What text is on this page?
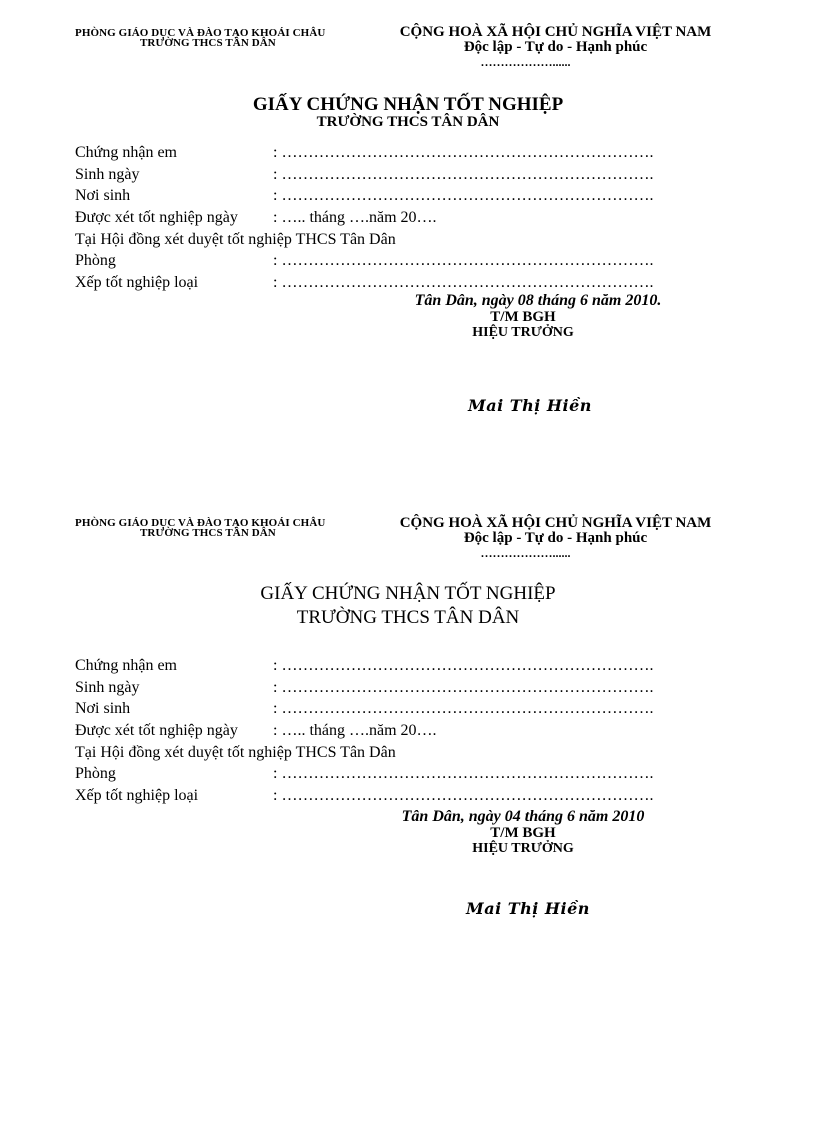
PHÒNG GIÁO DỤC VÀ ĐÀO TẠO KHOÁI CHÂU
TRƯỜNG THCS TÂN DÂN
CỘNG HOÀ XÃ HỘI CHỦ NGHĨA VIỆT NAM
Độc lập - Tự do - Hạnh phúc
………………......
GIẤY CHỨNG NHẬN TỐT NGHIỆP
TRƯỜNG THCS TÂN DÂN
Chứng nhận em	: …………………………………………………………….
Sinh ngày	: …………………………………………………………….
Nơi sinh	: …………………………………………………………….
Được xét tốt nghiệp ngày : ….. tháng ….năm 20….
Tại Hội đồng xét duyệt tốt nghiệp THCS Tân Dân
Phòng	: …………………………………………………………….
Xếp tốt nghiệp loại	: …………………………………………………………….
Tân Dân, ngày 08 tháng 6 năm 2010.
T/M BGH
HIỆU TRƯỞNG
Mai Thị Hiền
PHÒNG GIÁO DỤC VÀ ĐÀO TẠO KHOÁI CHÂU
TRƯỜNG THCS TÂN DÂN
CỘNG HOÀ XÃ HỘI CHỦ NGHĨA VIỆT NAM
Độc lập - Tự do - Hạnh phúc
………………......
GIẤY CHỨNG NHẬN TỐT NGHIỆP
TRƯỜNG THCS TÂN DÂN
Chứng nhận em	: …………………………………………………………….
Sinh ngày	: …………………………………………………………….
Nơi sinh	: …………………………………………………………….
Được xét tốt nghiệp ngày : ….. tháng ….năm 20….
Tại Hội đồng xét duyệt tốt nghiệp THCS Tân Dân
Phòng	: …………………………………………………………….
Xếp tốt nghiệp loại	: …………………………………………………………….
Tân Dân, ngày 04 tháng 6 năm 2010
T/M BGH
HIỆU TRƯỞNG
Mai Thị Hiền
